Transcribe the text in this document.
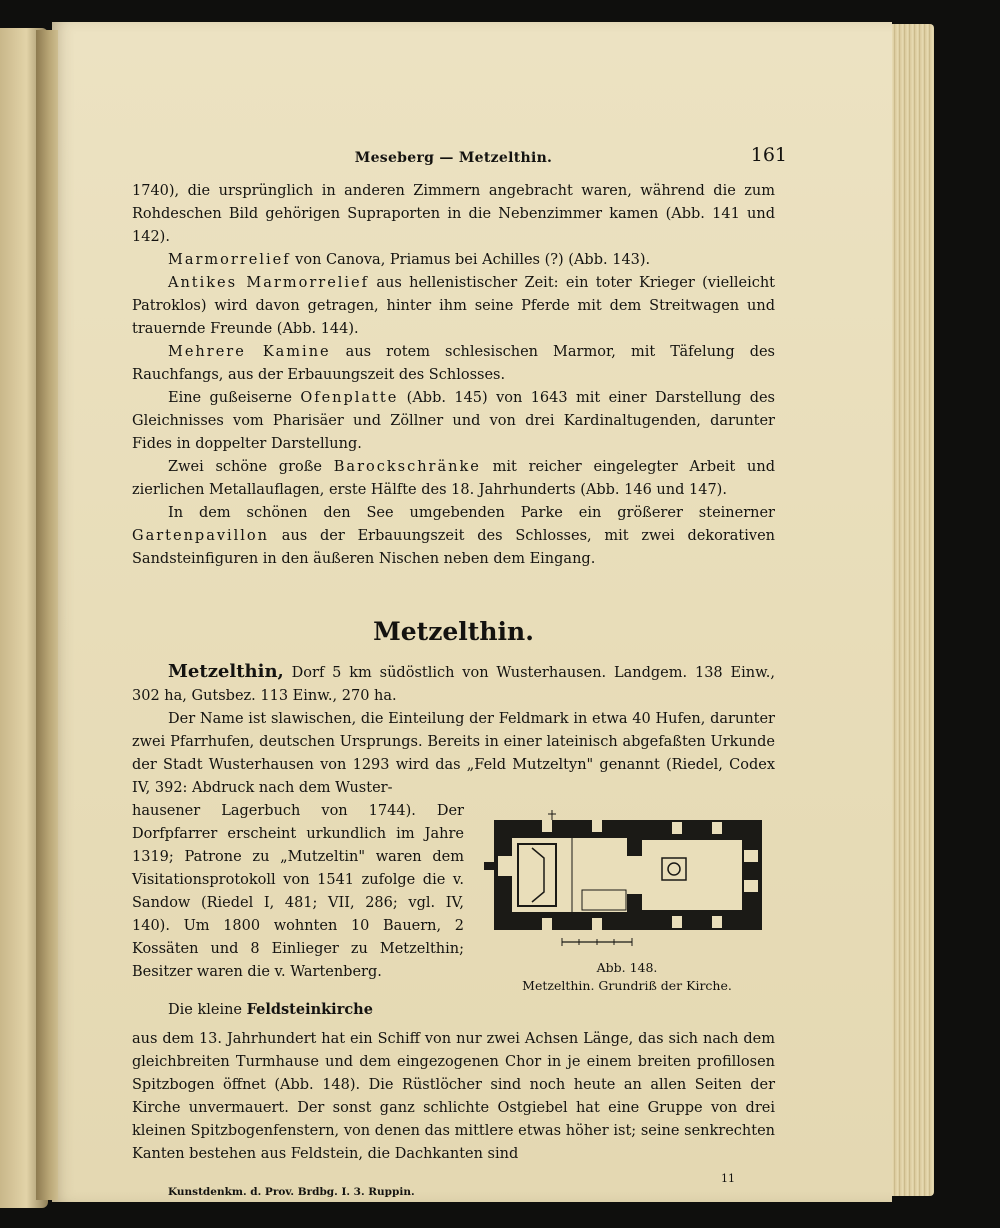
Meseberg — Metzelthin.	161

1740), die ursprünglich in anderen Zimmern angebracht waren, während die zum Rohdeschen Bild gehörigen Supraporten in die Nebenzimmer kamen (Abb. 141 und 142).

Marmorrelief von Canova, Priamus bei Achilles (?) (Abb. 143).

Antikes Marmorrelief aus hellenistischer Zeit: ein toter Krieger (vielleicht Patroklos) wird davon getragen, hinter ihm seine Pferde mit dem Streitwagen und trauernde Freunde (Abb. 144).

Mehrere Kamine aus rotem schlesischen Marmor, mit Täfelung des Rauchfangs, aus der Erbauungszeit des Schlosses.

Eine gußeiserne Ofenplatte (Abb. 145) von 1643 mit einer Darstellung des Gleichnisses vom Pharisäer und Zöllner und von drei Kardinaltugenden, darunter Fides in doppelter Darstellung.

Zwei schöne große Barockschränke mit reicher eingelegter Arbeit und zierlichen Metallauflagen, erste Hälfte des 18. Jahrhunderts (Abb. 146 und 147).

In dem schönen den See umgebenden Parke ein größerer steinerner Gartenpavillon aus der Erbauungszeit des Schlosses, mit zwei dekorativen Sandsteinfiguren in den äußeren Nischen neben dem Eingang.

Metzelthin.

Metzelthin, Dorf 5 km südöstlich von Wusterhausen. Landgem. 138 Einw., 302 ha, Gutsbez. 113 Einw., 270 ha.

Der Name ist slawischen, die Einteilung der Feldmark in etwa 40 Hufen, darunter zwei Pfarrhufen, deutschen Ursprungs. Bereits in einer lateinisch abgefaßten Urkunde der Stadt Wusterhausen von 1293 wird das „Feld Mutzeltyn" genannt (Riedel, Codex IV, 392: Abdruck nach dem Wuster-

hausener Lagerbuch von 1744). Der Dorfpfarrer erscheint urkundlich im Jahre 1319; Patrone zu „Mutzeltin" waren dem Visitationsprotokoll von 1541 zufolge die v. Sandow (Riedel I, 481; VII, 286; vgl. IV, 140). Um 1800 wohnten 10 Bauern, 2 Kossäten und 8 Einlieger zu Metzelthin; Besitzer waren die v. Wartenberg.

Die kleine Feldsteinkirche

Abb. 148.
Metzelthin. Grundriß der Kirche.

aus dem 13. Jahrhundert hat ein Schiff von nur zwei Achsen Länge, das sich nach dem gleichbreiten Turmhause und dem eingezogenen Chor in je einem breiten profillosen Spitzbogen öffnet (Abb. 148). Die Rüstlöcher sind noch heute an allen Seiten der Kirche unvermauert. Der sonst ganz schlichte Ostgiebel hat eine Gruppe von drei kleinen Spitzbogenfenstern, von denen das mittlere etwas höher ist; seine senkrechten Kanten bestehen aus Feldstein, die Dachkanten sind

Kunstdenkm. d. Prov. Brdbg. I. 3. Ruppin.
11
